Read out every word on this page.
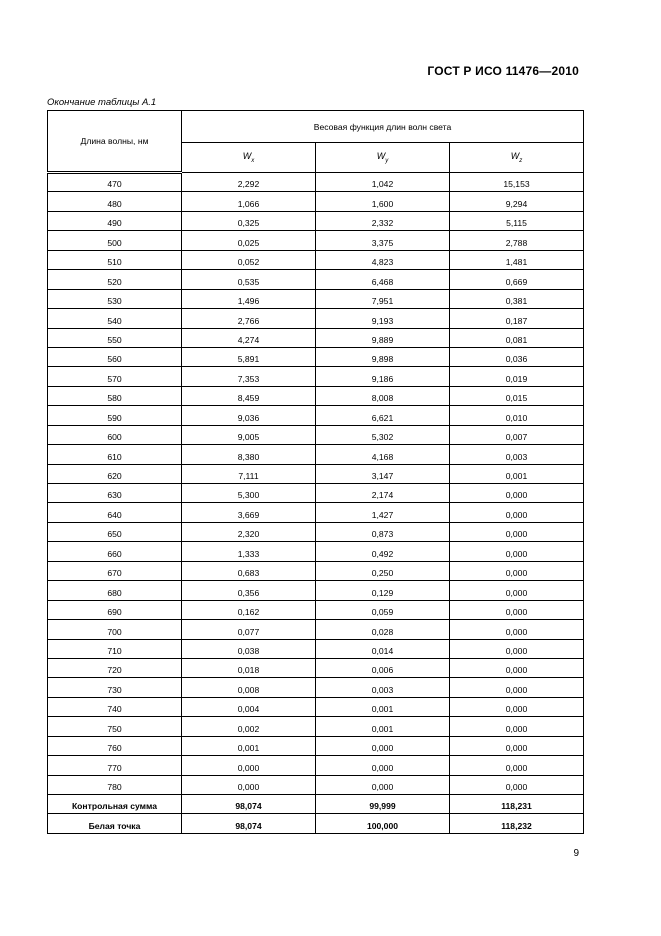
ГОСТ Р ИСО 11476—2010
Окончание таблицы А.1
Длина волны, нм	Весовая функция длин волн света		
	$W_x$	$W_y$	$W_z$
470	2,292	1,042	15,153
480	1,066	1,600	9,294
490	0,325	2,332	5,115
500	0,025	3,375	2,788
510	0,052	4,823	1,481
520	0,535	6,468	0,669
530	1,496	7,951	0,381
540	2,766	9,193	0,187
550	4,274	9,889	0,081
560	5,891	9,898	0,036
570	7,353	9,186	0,019
580	8,459	8,008	0,015
590	9,036	6,621	0,010
600	9,005	5,302	0,007
610	8,380	4,168	0,003
620	7,111	3,147	0,001
630	5,300	2,174	0,000
640	3,669	1,427	0,000
650	2,320	0,873	0,000
660	1,333	0,492	0,000
670	0,683	0,250	0,000
680	0,356	0,129	0,000
690	0,162	0,059	0,000
700	0,077	0,028	0,000
710	0,038	0,014	0,000
720	0,018	0,006	0,000
730	0,008	0,003	0,000
740	0,004	0,001	0,000
750	0,002	0,001	0,000
760	0,001	0,000	0,000
770	0,000	0,000	0,000
780	0,000	0,000	0,000
Контрольная сумма	98,074	99,999	118,231
Белая точка	98,074	100,000	118,232
9
